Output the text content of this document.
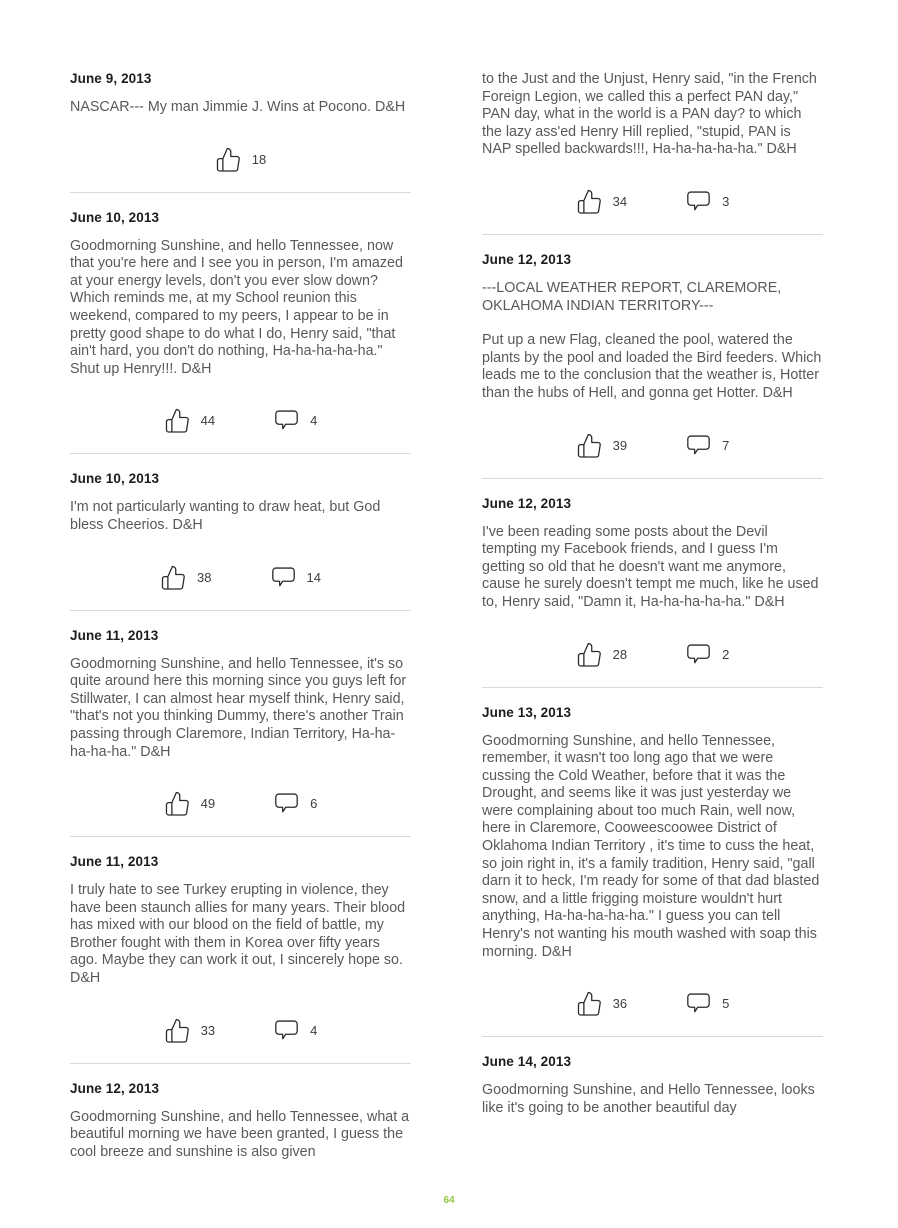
June 9, 2013

NASCAR--- My man Jimmie J. Wins at Pocono. D&H

18
June 10, 2013

Goodmorning Sunshine, and hello Tennessee, now that you're here and I see you in person, I'm amazed at your energy levels, don't you ever slow down? Which reminds me, at my School reunion this weekend, compared to my peers, I appear to be in pretty good shape to do what I do, Henry said, "that ain't hard, you don't do nothing, Ha-ha-ha-ha-ha." Shut up Henry!!!. D&H

44	4
June 10, 2013

I'm not particularly wanting to draw heat, but God bless Cheerios. D&H

38	14
June 11, 2013

Goodmorning Sunshine, and hello Tennessee, it's so quite around here this morning since you guys left for Stillwater, I can almost hear myself think, Henry said, "that's not you thinking Dummy, there's another Train passing through Claremore, Indian Territory, Ha-ha-ha-ha-ha." D&H

49	6
June 11, 2013

I truly hate to see Turkey erupting in violence, they have been staunch allies for many years. Their blood has mixed with our blood on the field of battle, my Brother fought with them in Korea over fifty years ago. Maybe they can work it out, I sincerely hope so. D&H

33	4
June 12, 2013

Goodmorning Sunshine, and hello Tennessee, what a beautiful morning we have been granted, I guess the cool breeze and sunshine is also given

to the Just and the Unjust, Henry said, "in the French Foreign Legion, we called this a perfect PAN day," PAN day, what in the world is a PAN day? to which the lazy ass'ed Henry Hill replied, "stupid, PAN is NAP spelled backwards!!!, Ha-ha-ha-ha-ha." D&H

34	3
June 12, 2013

---LOCAL WEATHER REPORT, CLAREMORE, OKLAHOMA INDIAN TERRITORY---

Put up a new Flag, cleaned the pool, watered the plants by the pool and loaded the Bird feeders. Which leads me to the conclusion that the weather is, Hotter than the hubs of Hell, and gonna get Hotter. D&H

39	7
June 12, 2013

I've been reading some posts about the Devil tempting my Facebook friends, and I guess I'm getting so old that he doesn't want me anymore, cause he surely doesn't tempt me much, like he used to, Henry said, "Damn it, Ha-ha-ha-ha-ha." D&H

28	2
June 13, 2013

Goodmorning Sunshine, and hello Tennessee, remember, it wasn't too long ago that we were cussing the Cold Weather, before that it was the Drought, and seems like it was just yesterday we were complaining about too much Rain, well now, here in Claremore, Cooweescoowee District of Oklahoma Indian Territory , it's time to cuss the heat, so join right in, it's a family tradition, Henry said, "gall darn it to heck, I'm ready for some of that dad blasted snow, and a little frigging moisture wouldn't hurt anything, Ha-ha-ha-ha-ha." I guess you can tell Henry's not wanting his mouth washed with soap this morning. D&H

36	5
June 14, 2013

Goodmorning Sunshine, and Hello Tennessee, looks like it's going to be another beautiful day

64
